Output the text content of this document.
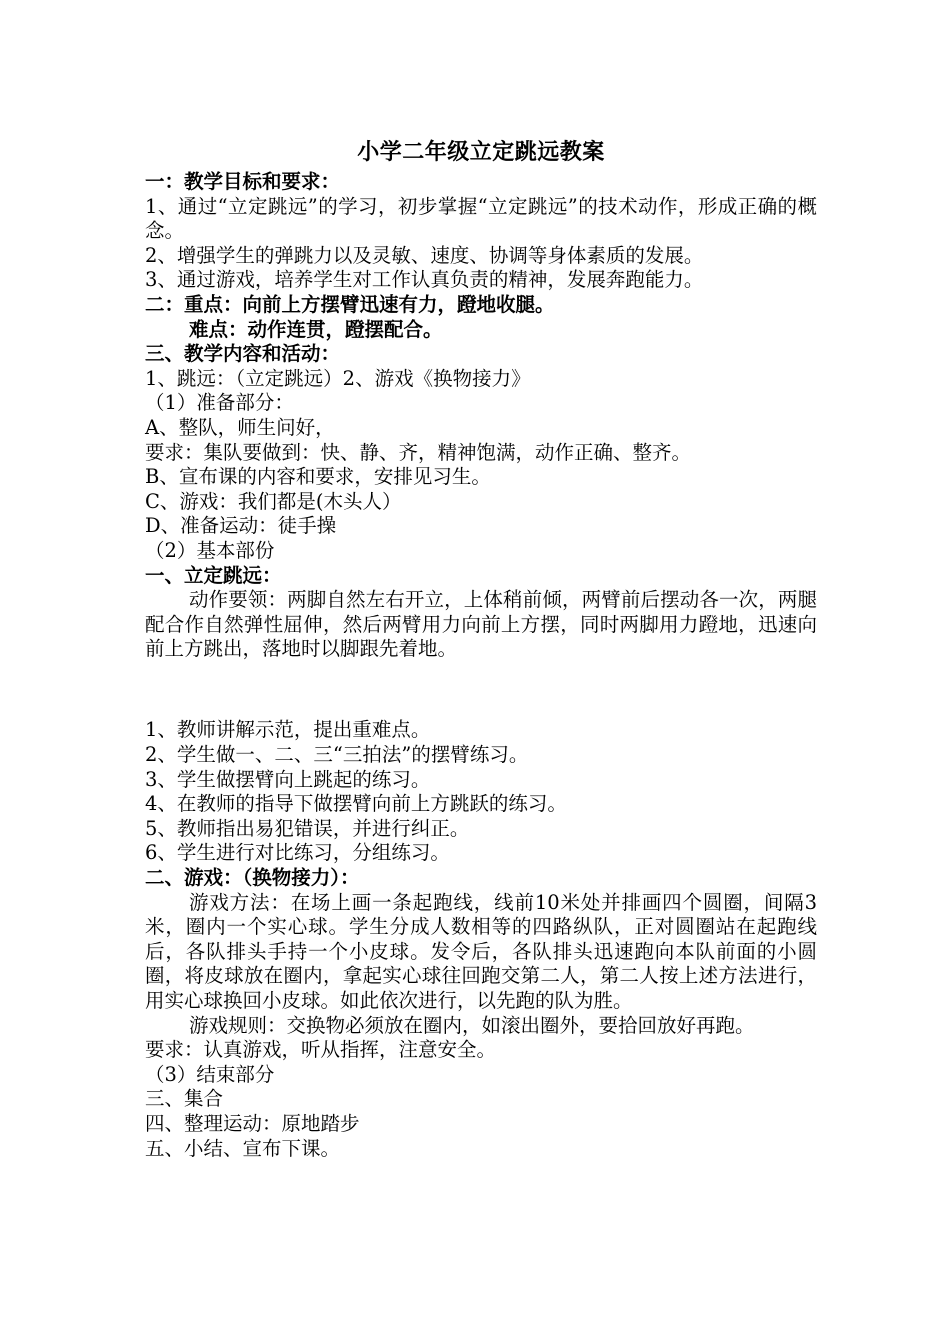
小学二年级立定跳远教案

一：教学目标和要求：

1、通过“立定跳远”的学习，初步掌握“立定跳远”的技术动作，形成正确的概念。

2、增强学生的弹跳力以及灵敏、速度、协调等身体素质的发展。

3、通过游戏，培养学生对工作认真负责的精神，发展奔跑能力。

二：重点：向前上方摆臂迅速有力，蹬地收腿。

难点：动作连贯，蹬摆配合。

三、教学内容和活动：

1、跳远：（立定跳远）2、游戏《换物接力》

（1）准备部分：

A、整队，师生问好，

要求：集队要做到：快、静、齐，精神饱满，动作正确、整齐。

B、宣布课的内容和要求，安排见习生。

C、游戏：我们都是(木头人）

D、准备运动：徒手操

（2）基本部份

一、立定跳远：

动作要领：两脚自然左右开立，上体稍前倾，两臂前后摆动各一次，两腿配合作自然弹性屈伸，然后两臂用力向前上方摆，同时两脚用力蹬地，迅速向前上方跳出，落地时以脚跟先着地。

1、教师讲解示范，提出重难点。

2、学生做一、二、三“三拍法”的摆臂练习。

3、学生做摆臂向上跳起的练习。

4、在教师的指导下做摆臂向前上方跳跃的练习。

5、教师指出易犯错误，并进行纠正。

6、学生进行对比练习，分组练习。

二、游戏：（换物接力）：

游戏方法：在场上画一条起跑线，线前10米处并排画四个圆圈，间隔3米，圈内一个实心球。学生分成人数相等的四路纵队，正对圆圈站在起跑线后，各队排头手持一个小皮球。发令后，各队排头迅速跑向本队前面的小圆圈，将皮球放在圈内，拿起实心球往回跑交第二人，第二人按上述方法进行，用实心球换回小皮球。如此依次进行，以先跑的队为胜。

游戏规则：交换物必须放在圈内，如滚出圈外，要拾回放好再跑。

要求：认真游戏，听从指挥，注意安全。

（3）结束部分

三、集合

四、整理运动：原地踏步

五、小结、宣布下课。
